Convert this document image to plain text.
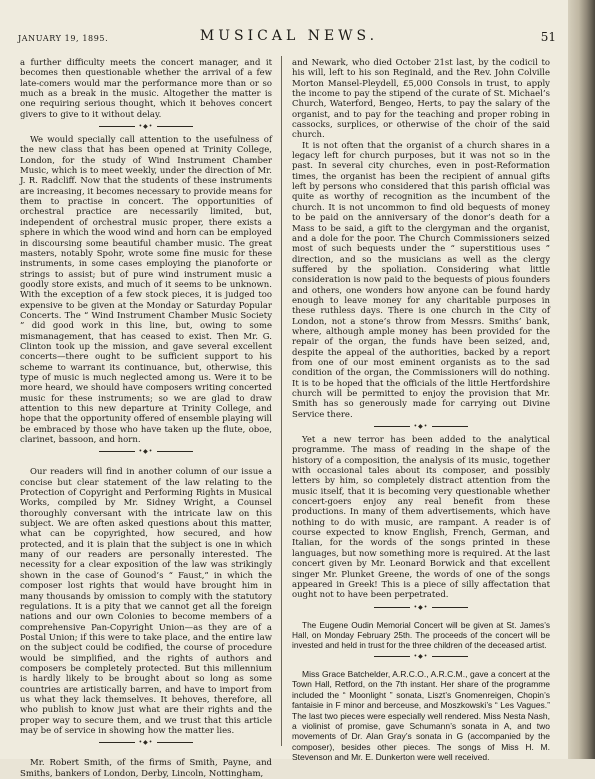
JANUARY 19, 1895.	MUSICAL NEWS.	51

a further difficulty meets the concert manager, and it becomes then questionable whether the arrival of a few late-comers would mar the performance more than or so much as a break in the music. Altogether the matter is one requiring serious thought, which it behoves concert givers to give to it without delay.

•◆•

We would specially call attention to the usefulness of the new class that has been opened at Trinity College, London, for the study of Wind Instrument Chamber Music, which is to meet weekly, under the direction of Mr. J. R. Radcliff. Now that the students of these instruments are increasing, it becomes necessary to provide means for them to practise in concert. The opportunities of orchestral practice are necessarily limited, but, independent of orchestral music proper, there exists a sphere in which the wood wind and horn can be employed in discoursing some beautiful chamber music. The great masters, notably Spohr, wrote some fine music for these instruments, in some cases employing the pianoforte or strings to assist; but of pure wind instrument music a goodly store exists, and much of it seems to be unknown. With the exception of a few stock pieces, it is judged too expensive to be given at the Monday or Saturday Popular Concerts. The “ Wind Instrument Chamber Music Society ” did good work in this line, but, owing to some mismanagement, that has ceased to exist. Then Mr. G. Clinton took up the mission, and gave several excellent concerts—there ought to be sufficient support to his scheme to warrant its continuance, but, otherwise, this type of music is much neglected among us. Were it to be more heard, we should have composers writing concerted music for these instruments; so we are glad to draw attention to this new departure at Trinity College, and hope that the opportunity offered of ensemble playing will be embraced by those who have taken up the flute, oboe, clarinet, bassoon, and horn.

•◆•

Our readers will find in another column of our issue a concise but clear statement of the law relating to the Protection of Copyright and Performing Rights in Musical Works, compiled by Mr. Sidney Wright, a Counsel thoroughly conversant with the intricate law on this subject. We are often asked questions about this matter, what can be copyrighted, how secured, and how protected, and it is plain that the subject is one in which many of our readers are personally interested. The necessity for a clear exposition of the law was strikingly shown in the case of Gounod’s “ Faust,” in which the composer lost rights that would have brought him in many thousands by omission to comply with the statutory regulations. It is a pity that we cannot get all the foreign nations and our own Colonies to become members of a comprehensive Pan-Copyright Union—as they are of a Postal Union; if this were to take place, and the entire law on the subject could be codified, the course of procedure would be simplified, and the rights of authors and composers be completely protected. But this millennium is hardly likely to be brought about so long as some countries are artistically barren, and have to import from us what they lack themselves. It behoves, therefore, all who publish to know just what are their rights and the proper way to secure them, and we trust that this article may be of service in showing how the matter lies.

•◆•

Mr. Robert Smith, of the firms of Smith, Payne, and Smiths, bankers of London, Derby, Lincoln, Nottingham,

and Newark, who died October 21st last, by the codicil to his will, left to his son Reginald, and the Rev. John Colville Morton Mansel-Pleydell, £5,000 Consols in trust, to apply the income to pay the stipend of the curate of St. Michael’s Church, Waterford, Bengeo, Herts, to pay the salary of the organist, and to pay for the teaching and proper robing in cassocks, surplices, or otherwise of the choir of the said church.

It is not often that the organist of a church shares in a legacy left for church purposes, but it was not so in the past. In several city churches, even in post-Reformation times, the organist has been the recipient of annual gifts left by persons who considered that this parish official was quite as worthy of recognition as the incumbent of the church. It is not uncommon to find old bequests of money to be paid on the anniversary of the donor’s death for a Mass to be said, a gift to the clergyman and the organist, and a dole for the poor. The Church Commissioners seized most of such bequests under the “ superstitious uses ” direction, and so the musicians as well as the clergy suffered by the spoliation. Considering what little consideration is now paid to the bequests of pious founders and others, one wonders how anyone can be found hardy enough to leave money for any charitable purposes in these ruthless days. There is one church in the City of London, not a stone’s throw from Messrs. Smiths’ bank, where, although ample money has been provided for the repair of the organ, the funds have been seized, and, despite the appeal of the authorities, backed by a report from one of our most eminent organists as to the sad condition of the organ, the Commissioners will do nothing. It is to be hoped that the officials of the little Hertfordshire church will be permitted to enjoy the provision that Mr. Smith has so generously made for carrying out Divine Service there.

•◆•

Yet a new terror has been added to the analytical programme. The mass of reading in the shape of the history of a composition, the analysis of its music, together with occasional tales about its composer, and possibly letters by him, so completely distract attention from the music itself, that it is becoming very questionable whether concert-goers enjoy any real benefit from these productions. In many of them advertisements, which have nothing to do with music, are rampant. A reader is of course expected to know English, French, German, and Italian, for the words of the songs printed in these languages, but now something more is required. At the last concert given by Mr. Leonard Borwick and that excellent singer Mr. Plunket Greene, the words of one of the songs appeared in Greek! This is a piece of silly affectation that ought not to have been perpetrated.

•◆•

The Eugene Oudin Memorial Concert will be given at St. James’s Hall, on Monday February 25th. The proceeds of the concert will be invested and held in trust for the three children of the deceased artist.

•◆•

Miss Grace Batchelder, A.R.C.O., A.R.C.M., gave a concert at the Town Hall, Retford, on the 7th instant. Her share of the programme included the “ Moonlight ” sonata, Liszt’s Gnomenreigen, Chopin’s fantaisie in F minor and berceuse, and Moszkowski’s “ Les Vagues.” The last two pieces were especially well rendered. Miss Nesta Nash, a violinist of promise, gave Schumann’s sonata in A, and two movements of Dr. Alan Gray’s sonata in G (accompanied by the composer), besides other pieces. The songs of Miss H. M. Stevenson and Mr. E. Dunkerton were well received.
